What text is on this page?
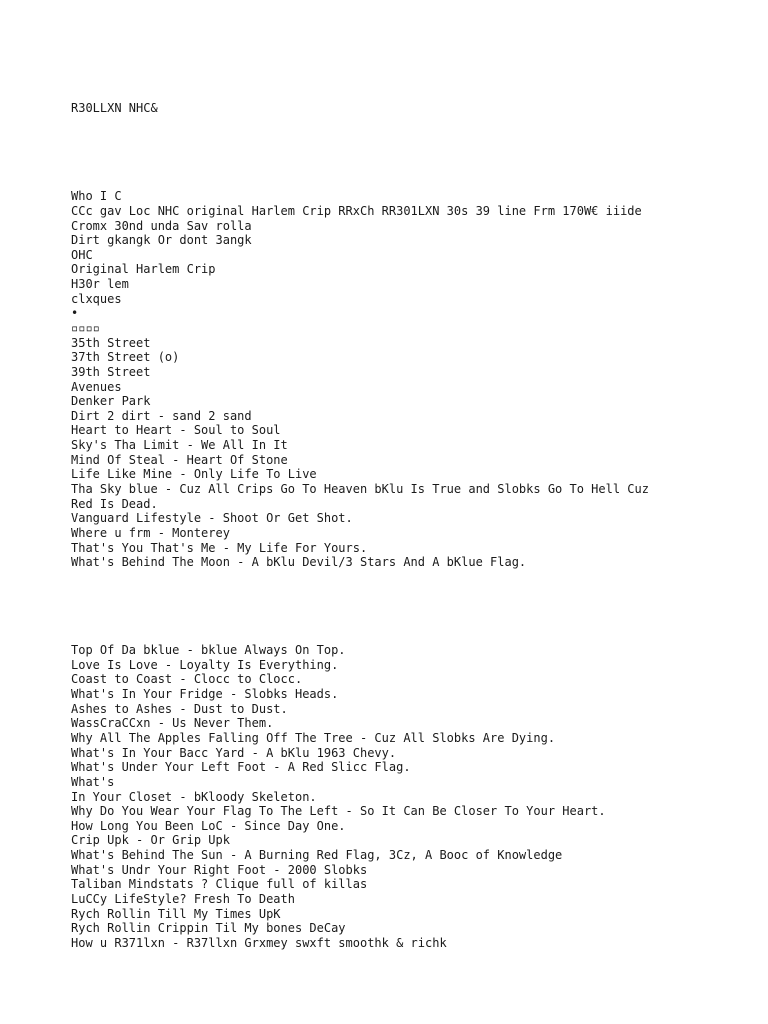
R30LLXN NHC&

Who I C
CCc gav Loc NHC original Harlem Crip RRxCh RR301LXN 30s 39 line Frm 170W€ iiide
Cromx 30nd unda Sav rolla
Dirt gkangk Or dont 3angk
OHC
Original Harlem Crip
H30r lem
clxques
•
▫▫▫▫
35th Street
37th Street (o)
39th Street
Avenues
Denker Park
Dirt 2 dirt - sand 2 sand
Heart to Heart - Soul to Soul
Sky's Tha Limit - We All In It
Mind Of Steal - Heart Of Stone
Life Like Mine - Only Life To Live
Tha Sky blue - Cuz All Crips Go To Heaven bKlu Is True and Slobks Go To Hell Cuz
Red Is Dead.
Vanguard Lifestyle - Shoot Or Get Shot.
Where u frm - Monterey
That's You That's Me - My Life For Yours.
What's Behind The Moon - A bKlu Devil/3 Stars And A bKlue Flag.

Top Of Da bklue - bklue Always On Top.
Love Is Love - Loyalty Is Everything.
Coast to Coast - Clocc to Clocc.
What's In Your Fridge - Slobks Heads.
Ashes to Ashes - Dust to Dust.
WassCraCCxn - Us Never Them.
Why All The Apples Falling Off The Tree - Cuz All Slobks Are Dying.
What's In Your Bacc Yard - A bKlu 1963 Chevy.
What's Under Your Left Foot - A Red Slicc Flag.
What's
In Your Closet - bKloody Skeleton.
Why Do You Wear Your Flag To The Left - So It Can Be Closer To Your Heart.
How Long You Been LoC - Since Day One.
Crip Upk - Or Grip Upk
What's Behind The Sun - A Burning Red Flag, 3Cz, A Booc of Knowledge
What's Undr Your Right Foot - 2000 Slobks
Taliban Mindstats ? Clique full of killas
LuCCy LifeStyle? Fresh To Death
Rych Rollin Till My Times UpK
Rych Rollin Crippin Til My bones DeCay
How u R371lxn - R37llxn Grxmey swxft smoothk & richk
